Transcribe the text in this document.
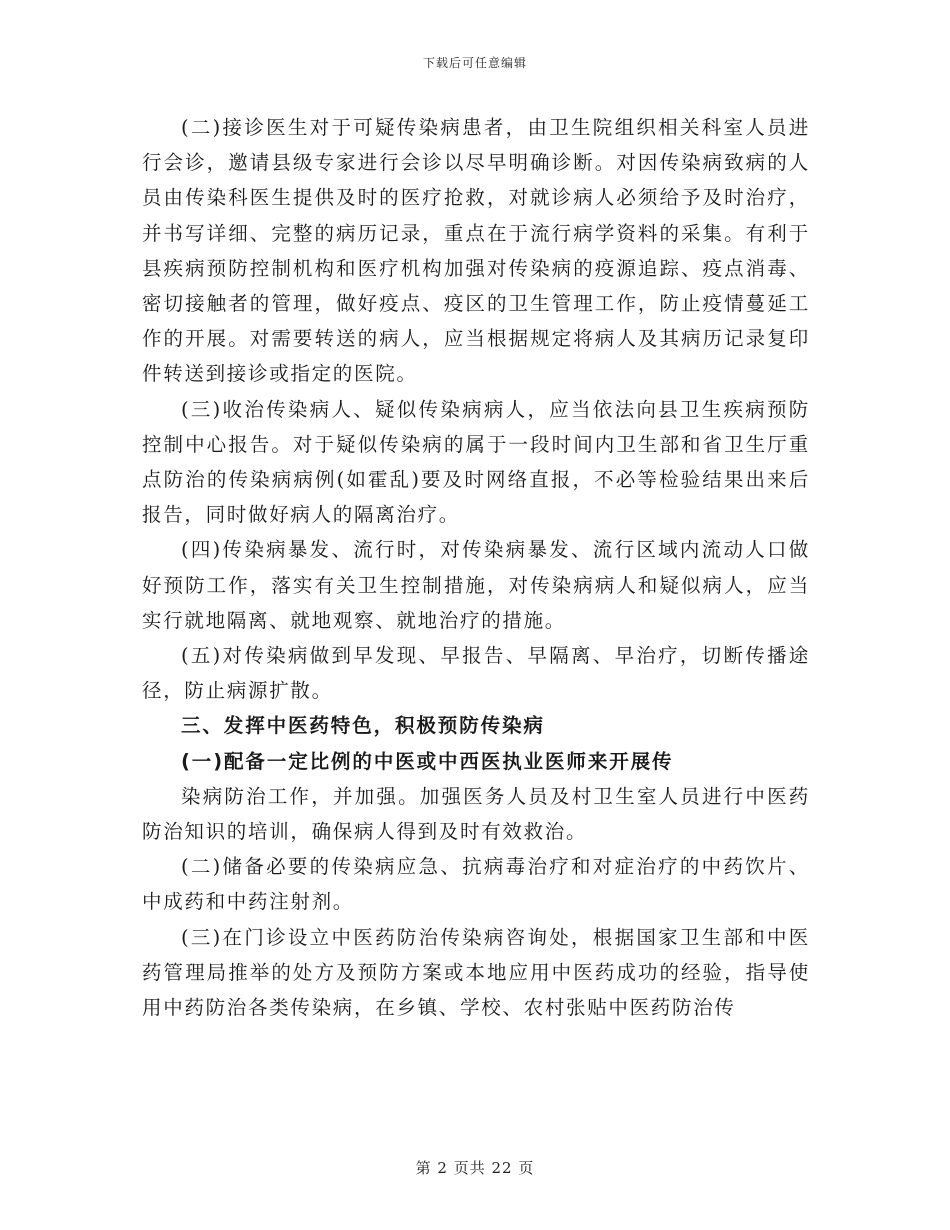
下载后可任意编辑

(二)接诊医生对于可疑传染病患者，由卫生院组织相关科室人员进行会诊，邀请县级专家进行会诊以尽早明确诊断。对因传染病致病的人员由传染科医生提供及时的医疗抢救，对就诊病人必须给予及时治疗，并书写详细、完整的病历记录，重点在于流行病学资料的采集。有利于县疾病预防控制机构和医疗机构加强对传染病的疫源追踪、疫点消毒、密切接触者的管理，做好疫点、疫区的卫生管理工作，防止疫情蔓延工作的开展。对需要转送的病人，应当根据规定将病人及其病历记录复印件转送到接诊或指定的医院。

(三)收治传染病人、疑似传染病病人，应当依法向县卫生疾病预防控制中心报告。对于疑似传染病的属于一段时间内卫生部和省卫生厅重点防治的传染病病例(如霍乱)要及时网络直报，不必等检验结果出来后报告，同时做好病人的隔离治疗。

(四)传染病暴发、流行时，对传染病暴发、流行区域内流动人口做好预防工作，落实有关卫生控制措施，对传染病病人和疑似病人，应当实行就地隔离、就地观察、就地治疗的措施。

(五)对传染病做到早发现、早报告、早隔离、早治疗，切断传播途径，防止病源扩散。

三、发挥中医药特色，积极预防传染病

(一)配备一定比例的中医或中西医执业医师来开展传

染病防治工作，并加强。加强医务人员及村卫生室人员进行中医药防治知识的培训，确保病人得到及时有效救治。

(二)储备必要的传染病应急、抗病毒治疗和对症治疗的中药饮片、中成药和中药注射剂。

(三)在门诊设立中医药防治传染病咨询处，根据国家卫生部和中医药管理局推举的处方及预防方案或本地应用中医药成功的经验，指导使用中药防治各类传染病，在乡镇、学校、农村张贴中医药防治传

第 2 页共 22 页
